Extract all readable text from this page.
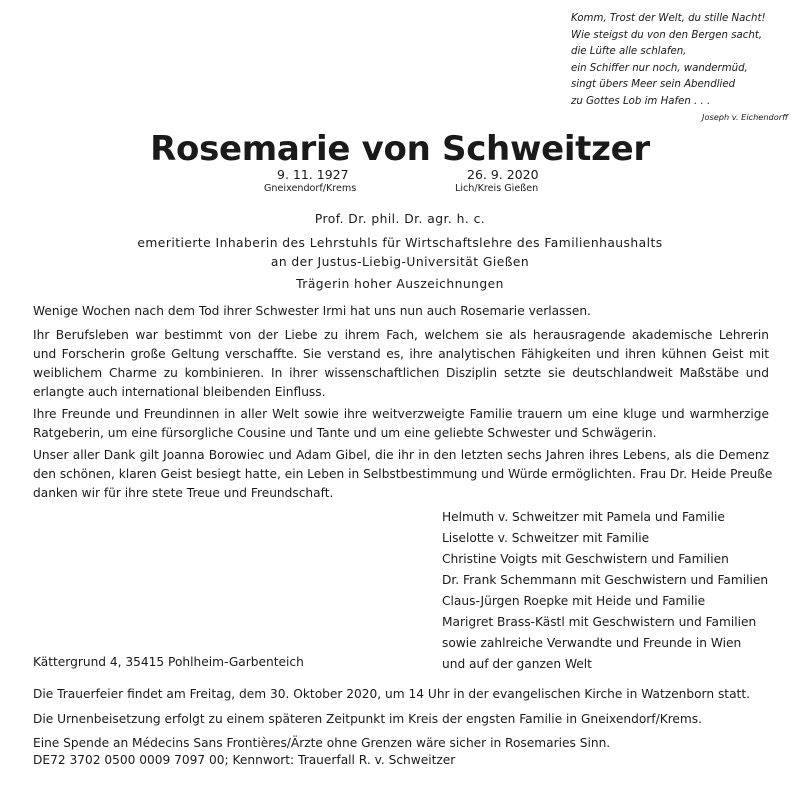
Komm, Trost der Welt, du stille Nacht!
Wie steigst du von den Bergen sacht,
die Lüfte alle schlafen,
ein Schiffer nur noch, wandermüd,
singt übers Meer sein Abendlied
zu Gottes Lob im Hafen . . .
Joseph v. Eichendorff
Rosemarie von Schweitzer
9. 11. 1927
Gneixendorf/Krems
26. 9. 2020
Lich/Kreis Gießen
Prof. Dr. phil. Dr. agr. h. c.
emeritierte Inhaberin des Lehrstuhls für Wirtschaftslehre des Familienhaushalts
an der Justus-Liebig-Universität Gießen
Trägerin hoher Auszeichnungen
Wenige Wochen nach dem Tod ihrer Schwester Irmi hat uns nun auch Rosemarie verlassen.
Ihr Berufsleben war bestimmt von der Liebe zu ihrem Fach, welchem sie als herausragende akademische Lehrerin
und Forscherin große Geltung verschaffte. Sie verstand es, ihre analytischen Fähigkeiten und ihren kühnen Geist mit
weiblichem Charme zu kombinieren. In ihrer wissenschaftlichen Disziplin setzte sie deutschlandweit Maßstäbe und
erlangte auch international bleibenden Einfluss.
Ihre Freunde und Freundinnen in aller Welt sowie ihre weitverzweigte Familie trauern um eine kluge und warmherzige
Ratgeberin, um eine fürsorgliche Cousine und Tante und um eine geliebte Schwester und Schwägerin.
Unser aller Dank gilt Joanna Borowiec und Adam Gibel, die ihr in den letzten sechs Jahren ihres Lebens, als die Demenz
den schönen, klaren Geist besiegt hatte, ein Leben in Selbstbestimmung und Würde ermöglichten. Frau Dr. Heide Preuße
danken wir für ihre stete Treue und Freundschaft.
Helmuth v. Schweitzer mit Pamela und Familie
Liselotte v. Schweitzer mit Familie
Christine Voigts mit Geschwistern und Familien
Dr. Frank Schemmann mit Geschwistern und Familien
Claus-Jürgen Roepke mit Heide und Familie
Marigret Brass-Kästl mit Geschwistern und Familien
sowie zahlreiche Verwandte und Freunde in Wien
und auf der ganzen Welt
Kättergrund 4, 35415 Pohlheim-Garbenteich
Die Trauerfeier findet am Freitag, dem 30. Oktober 2020, um 14 Uhr in der evangelischen Kirche in Watzenborn statt.
Die Urnenbeisetzung erfolgt zu einem späteren Zeitpunkt im Kreis der engsten Familie in Gneixendorf/Krems.
Eine Spende an Médecins Sans Frontières/Ärzte ohne Grenzen wäre sicher in Rosemaries Sinn.
DE72 3702 0500 0009 7097 00; Kennwort: Trauerfall R. v. Schweitzer
